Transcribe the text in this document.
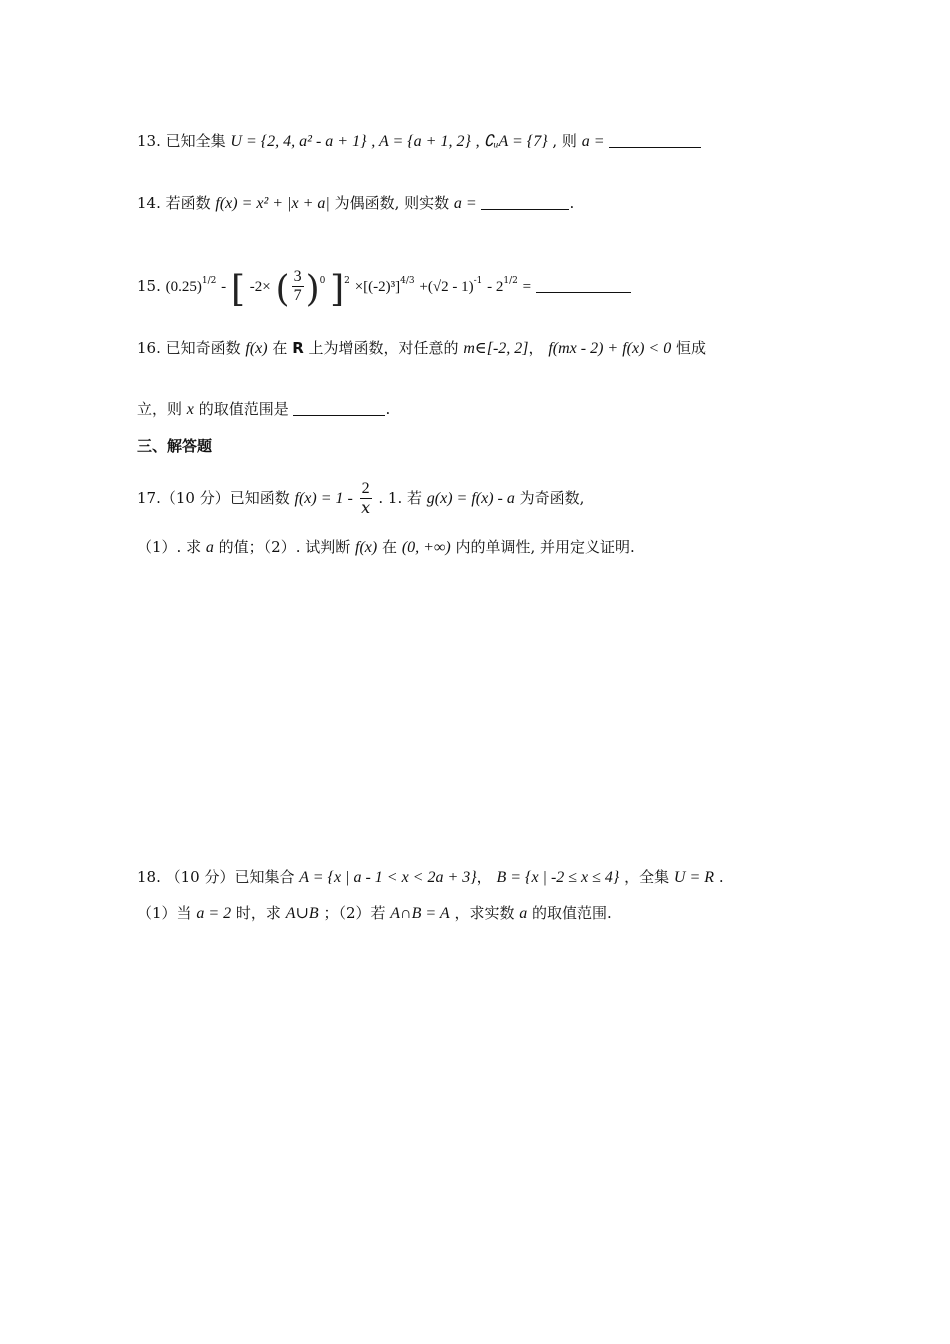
13. 已知全集 U = {2, 4, a² - a + 1} , A = {a + 1, 2} , ∁ᵤA = {7} , 则 a =
14. 若函数 f(x) = x² + |x + a| 为偶函数, 则实数 a =	.
15. $(0.25)^{1/2}$ - [ -2× ( $\frac{3}{7} )^0$ ]$^2 \times[(-2)^3]^{4/3} +(√2 - 1)^{-1} - 2^{1/2}$ =
16. 已知奇函数 f(x) 在 R 上为增函数，对任意的 m∈[-2, 2]， f(mx - 2) + f(x) < 0 恒成
立，则 x 的取值范围是	.
三、解答题
17.（10 分）已知函数 $f(x) = 1 - \frac{2}{x}$ . 1. 若 g(x) = f(x) - a 为奇函数,
（1）. 求 a 的值；（2）. 试判断 f(x) 在 (0, +∞) 内的单调性, 并用定义证明.
18. （10 分）已知集合 A = {x | a - 1 < x < 2a + 3}， B = {x | -2 ≤ x ≤ 4} ，全集 U = R .
（1）当 a = 2 时，求 A∪B ；（2）若 A∩B = A ，求实数 a 的取值范围.
